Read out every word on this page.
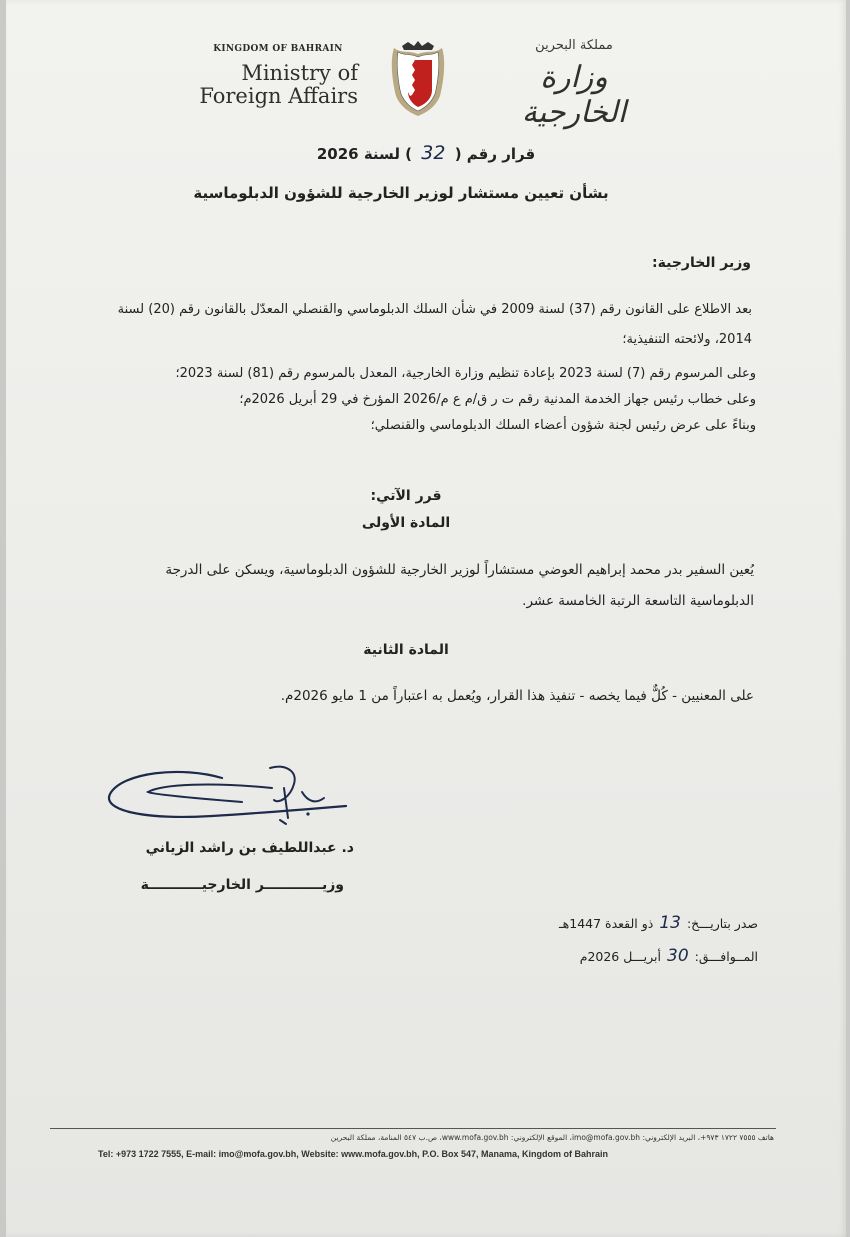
KINGDOM OF BAHRAIN
Ministry of
Foreign Affairs
مملكة البحرين
وزارة الخارجية
قرار رقم ( 32 ) لسنة 2026
بشأن تعيين مستشار لوزير الخارجية للشؤون الدبلوماسية
وزير الخارجية:
بعد الاطلاع على القانون رقم (37) لسنة 2009 في شأن السلك الدبلوماسي والقنصلي المعدّل بالقانون رقم (20) لسنة 2014، ولائحته التنفيذية؛
وعلى المرسوم رقم (7) لسنة 2023 بإعادة تنظيم وزارة الخارجية، المعدل بالمرسوم رقم (81) لسنة 2023؛
وعلى خطاب رئيس جهاز الخدمة المدنية رقم ت ر ق/م ع م/2026 المؤرخ في 29 أبريل 2026م؛
وبناءً على عرض رئيس لجنة شؤون أعضاء السلك الدبلوماسي والقنصلي؛
قرر الآتي:
المادة الأولى
يُعين السفير بدر محمد إبراهيم العوضي مستشاراً لوزير الخارجية للشؤون الدبلوماسية، ويسكن على الدرجة الدبلوماسية التاسعة الرتبة الخامسة عشر.
المادة الثانية
على المعنيين - كُلٌّ فيما يخصه - تنفيذ هذا القرار، ويُعمل به اعتباراً من 1 مايو 2026م.
د. عبداللطيف بن راشد الزياني
وزيــــــــــــر الخارجيـــــــــــة
صدر بتاريـــخ: 13 ذو القعدة 1447هـ
المــوافـــق: 30 أبريـــل 2026م
هاتف ٧٥٥٥ ١٧٢٢ ٩٧٣+، البريد الإلكتروني: imo@mofa.gov.bh، الموقع الإلكتروني: www.mofa.gov.bh، ص.ب ٥٤٧ المنامة، مملكة البحرين
Tel: +973 1722 7555, E-mail: imo@mofa.gov.bh, Website: www.mofa.gov.bh, P.O. Box 547, Manama, Kingdom of Bahrain
